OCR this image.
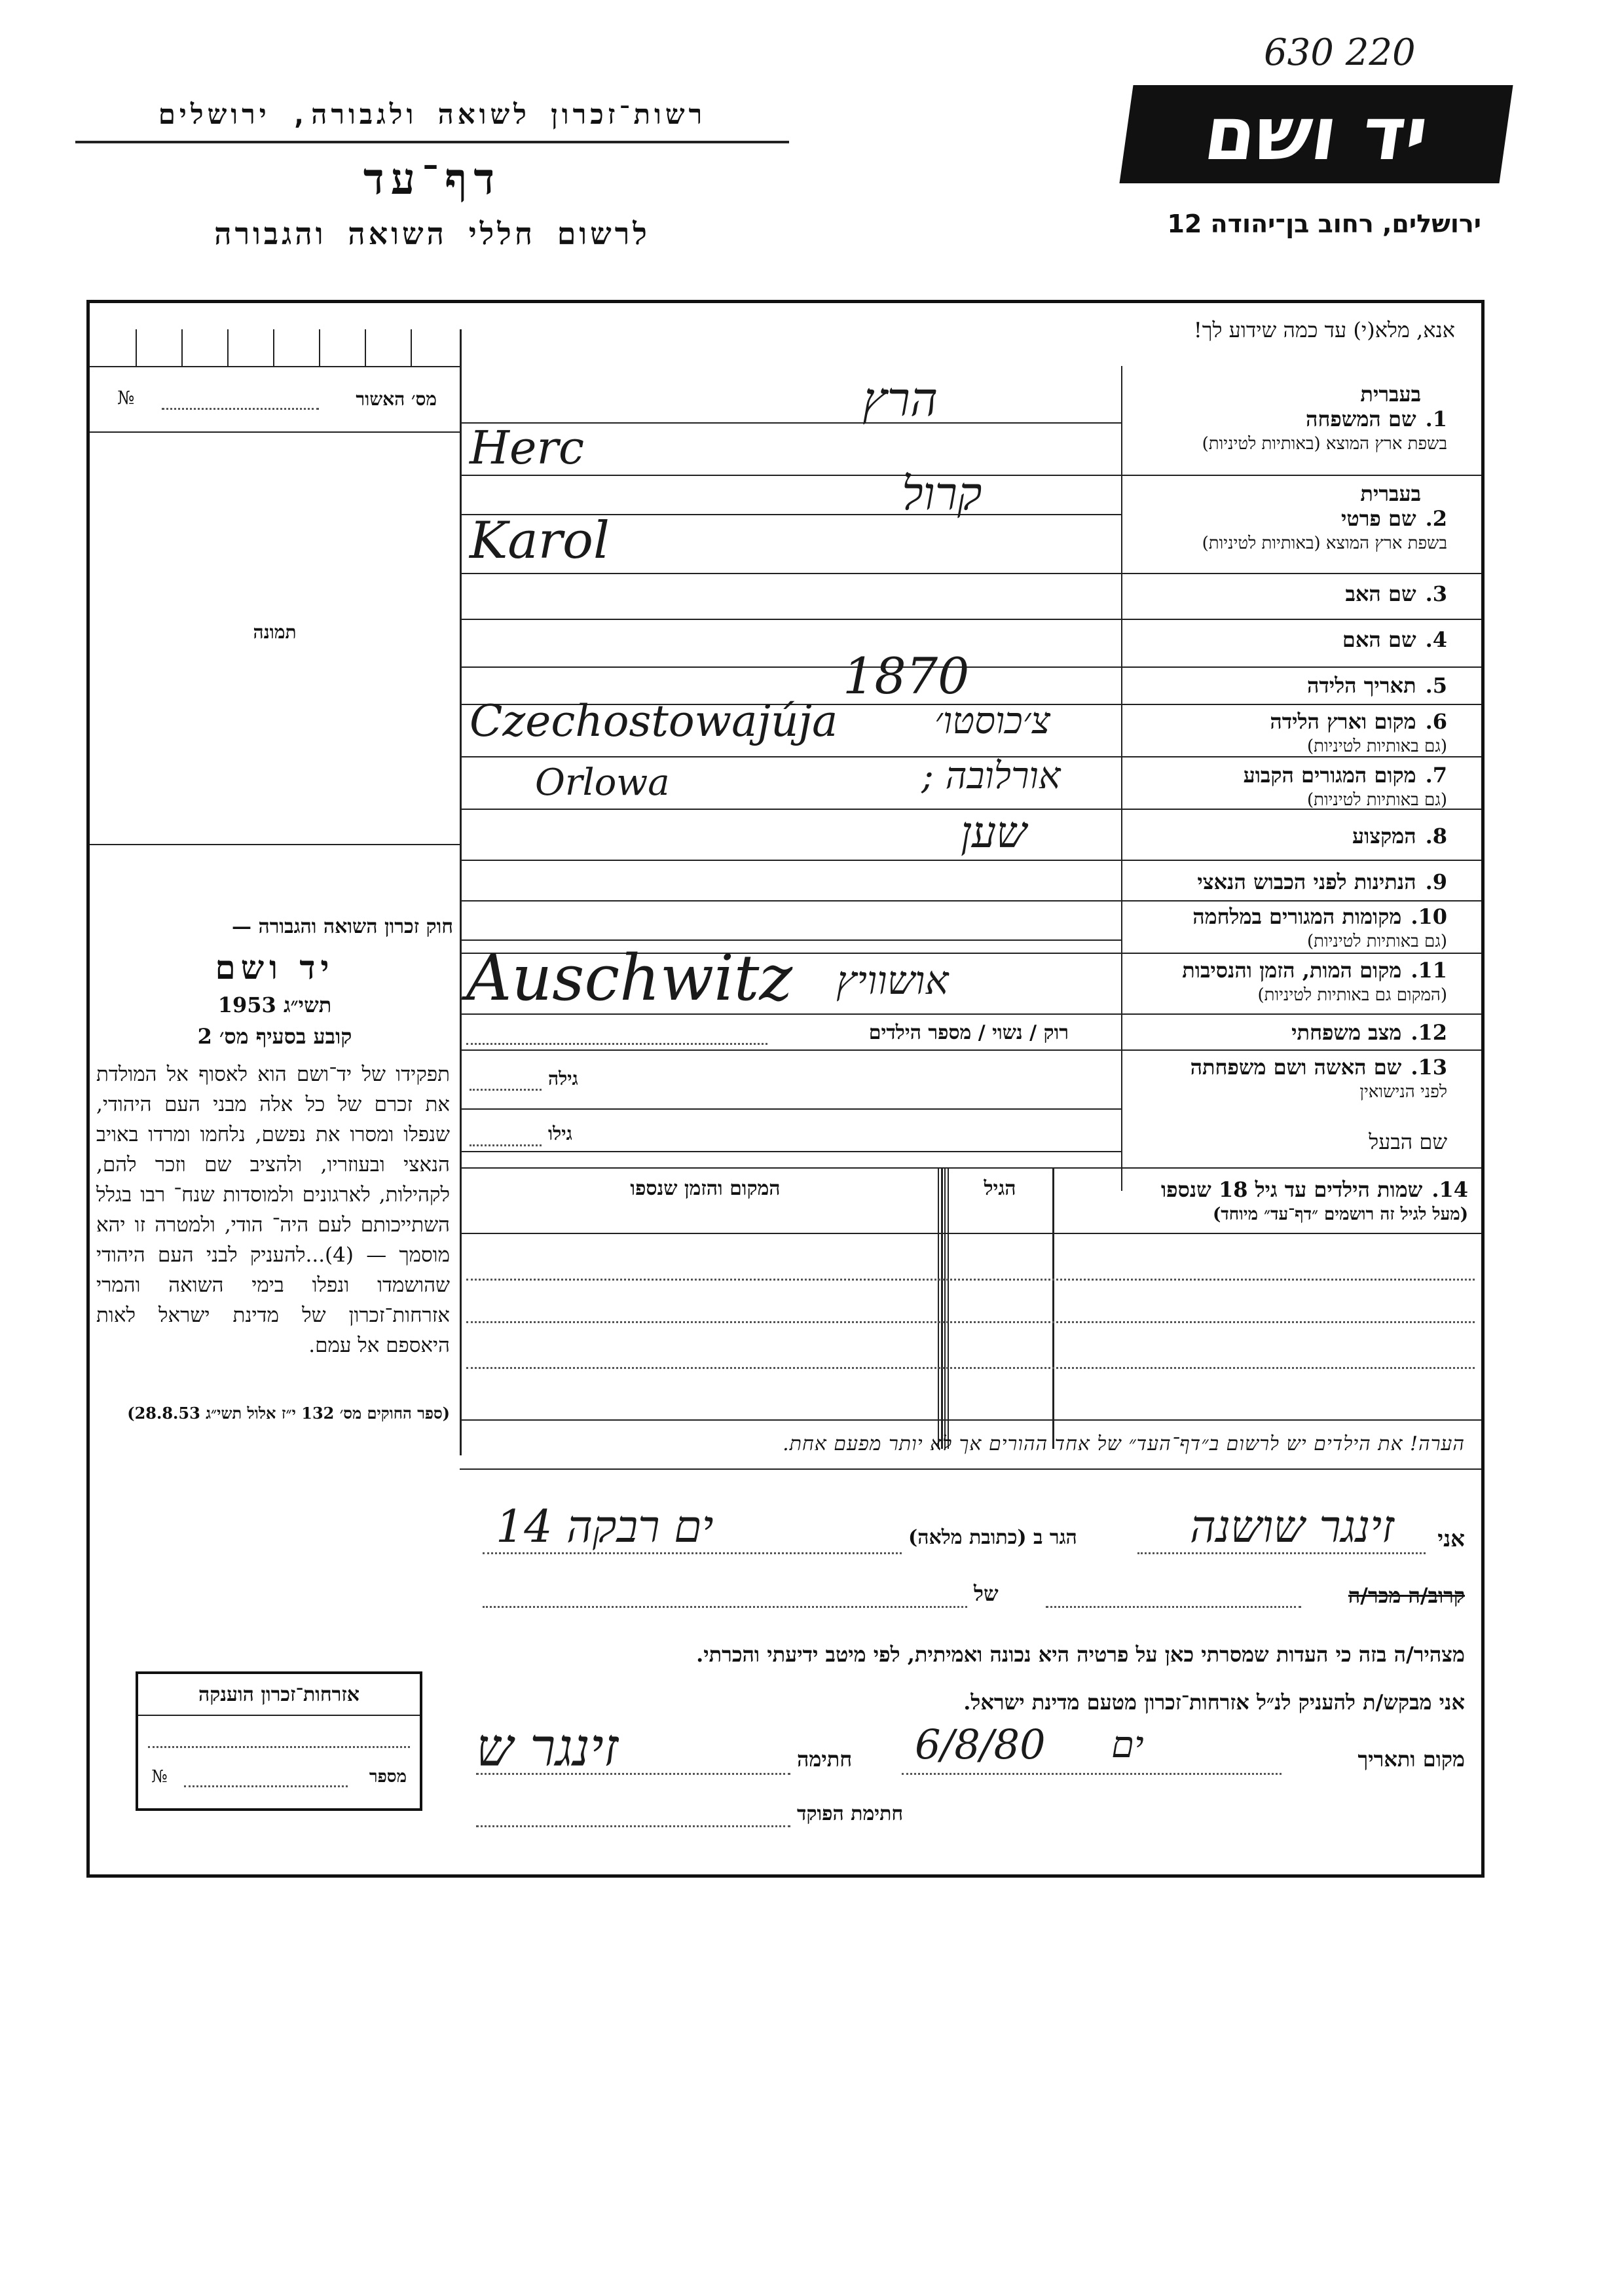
630 220
יד ושם
ירושלים, רחוב בן־יהודה 12
רשות־זכרון לשואה ולגבורה, ירושלים
דף־עד
לרשום חללי השואה והגבורה
אנא, מלא(י) עד כמה שידוע לך!
מס׳ האשור
№
תמונה
חוק זכרון השואה והגבורה —
יד ושם
תשי״ג 1953
קובע בסעיף מס׳ 2
תפקידו של יד־ושם הוא לאסוף אל המולדת את זכרם של כל אלה מבני העם היהודי, שנפלו ומסרו את נפשם, נלחמו ומרדו באויב הנאצי ובעוזריו, ולהציב שם וזכר להם, לקהילות, לארגונים ולמוסדות שנח־ רבו בגלל השתייכותם לעם היה־ הודי, ולמטרה זו יהא מוסמך — (4)...להעניק לבני העם היהודי שהושמדו ונפלו בימי השואה והמרי אזרחות־זכרון של מדינת ישראל לאות היאספם אל עמם.
(ספר החוקים מס׳ 132 י״ז אלול תשי״ג 28.8.53)
בעברית
1.שם המשפחה
בשפת ארץ המוצא (באותיות לטיניות)
הרץ
Herc
בעברית
2.שם פרטי
בשפת ארץ המוצא (באותיות לטיניות)
קרול
Karol
3.שם האב
4.שם האם
5.תאריך הלידה
1870
6.מקום וארץ הלידה
(גם באותיות לטיניות)
Czechostowajúja	צ׳כוסטו׳
7.מקום המגורים הקבוע
(גם באותיות לטיניות)
Orlowa	אורלובה ;
8.המקצוע
שען
9.הנתינות לפני הכבוש הנאצי
10.מקומות המגורים במלחמה
(גם באותיות לטיניות)
11.מקום המות, הזמן והנסיבות
(המקום גם באותיות לטיניות)
Auschwitz אושוויץ
12.מצב משפחתי
רוק / נשוי / מספר הילדים
13.שם האשה ושם משפחתה
לפני הנישואין
גילה
שם הבעל
גילו
14.שמות הילדים עד גיל 18 שנספו
(מעל לגיל זה רושמים ״דף־עד״ מיוחד)
הגיל
המקום והזמן שנספו
הערה! את הילדים יש לרשום ב״דף־העד״ של אחד ההורים אך לא יותר מפעם אחת.
אני
זינגר שושנה
הגר ב (כתובת מלאה)
ים רבקה 14
קרוב/ה מכר/ה
של
מצהיר/ה בזה כי העדות שמסרתי כאן על פרטיה היא נכונה ואמיתית, לפי מיטב ידיעתי והכרתי.
אני מבקש/ת להעניק לנ״ל אזרחות־זכרון מטעם מדינת ישראל.
מקום ותאריך
ים
6/8/80
חתימה
זינגר ש
חתימת הפוקד
אזרחות־זכרון הוענקה
מספר
№
